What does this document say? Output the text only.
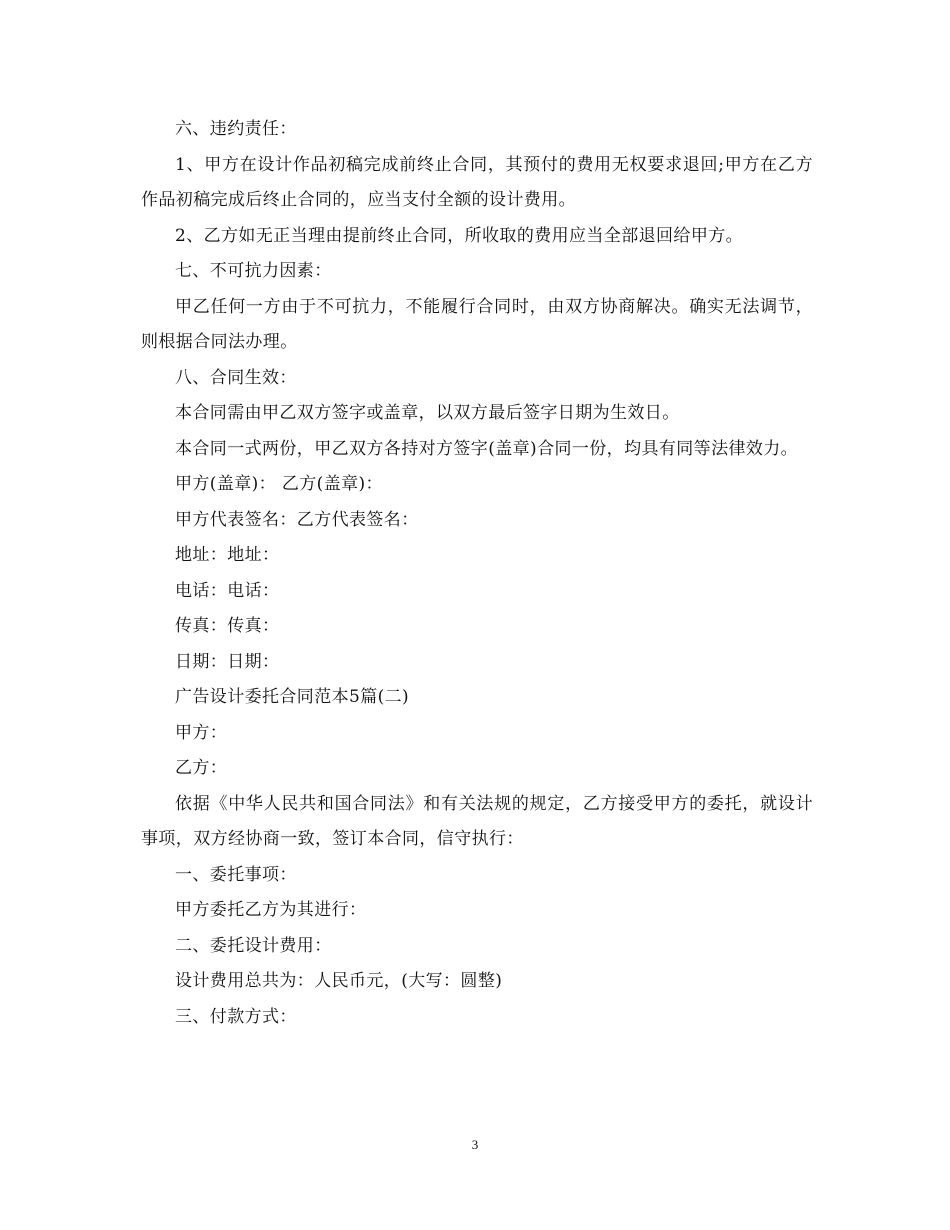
六、违约责任：

1、甲方在设计作品初稿完成前终止合同，其预付的费用无权要求退回;甲方在乙方作品初稿完成后终止合同的，应当支付全额的设计费用。

2、乙方如无正当理由提前终止合同，所收取的费用应当全部退回给甲方。

七、不可抗力因素：

甲乙任何一方由于不可抗力，不能履行合同时，由双方协商解决。确实无法调节，则根据合同法办理。

八、合同生效：

本合同需由甲乙双方签字或盖章，以双方最后签字日期为生效日。

本合同一式两份，甲乙双方各持对方签字(盖章)合同一份，均具有同等法律效力。

甲方(盖章)： 乙方(盖章)：

甲方代表签名：乙方代表签名：

地址：地址：

电话：电话：

传真：传真：

日期：日期：

广告设计委托合同范本5篇(二)

甲方：

乙方：

依据《中华人民共和国合同法》和有关法规的规定，乙方接受甲方的委托，就设计事项，双方经协商一致，签订本合同，信守执行：

一、委托事项：

甲方委托乙方为其进行：

二、委托设计费用：

设计费用总共为：人民币元，(大写：圆整)

三、付款方式：

3
